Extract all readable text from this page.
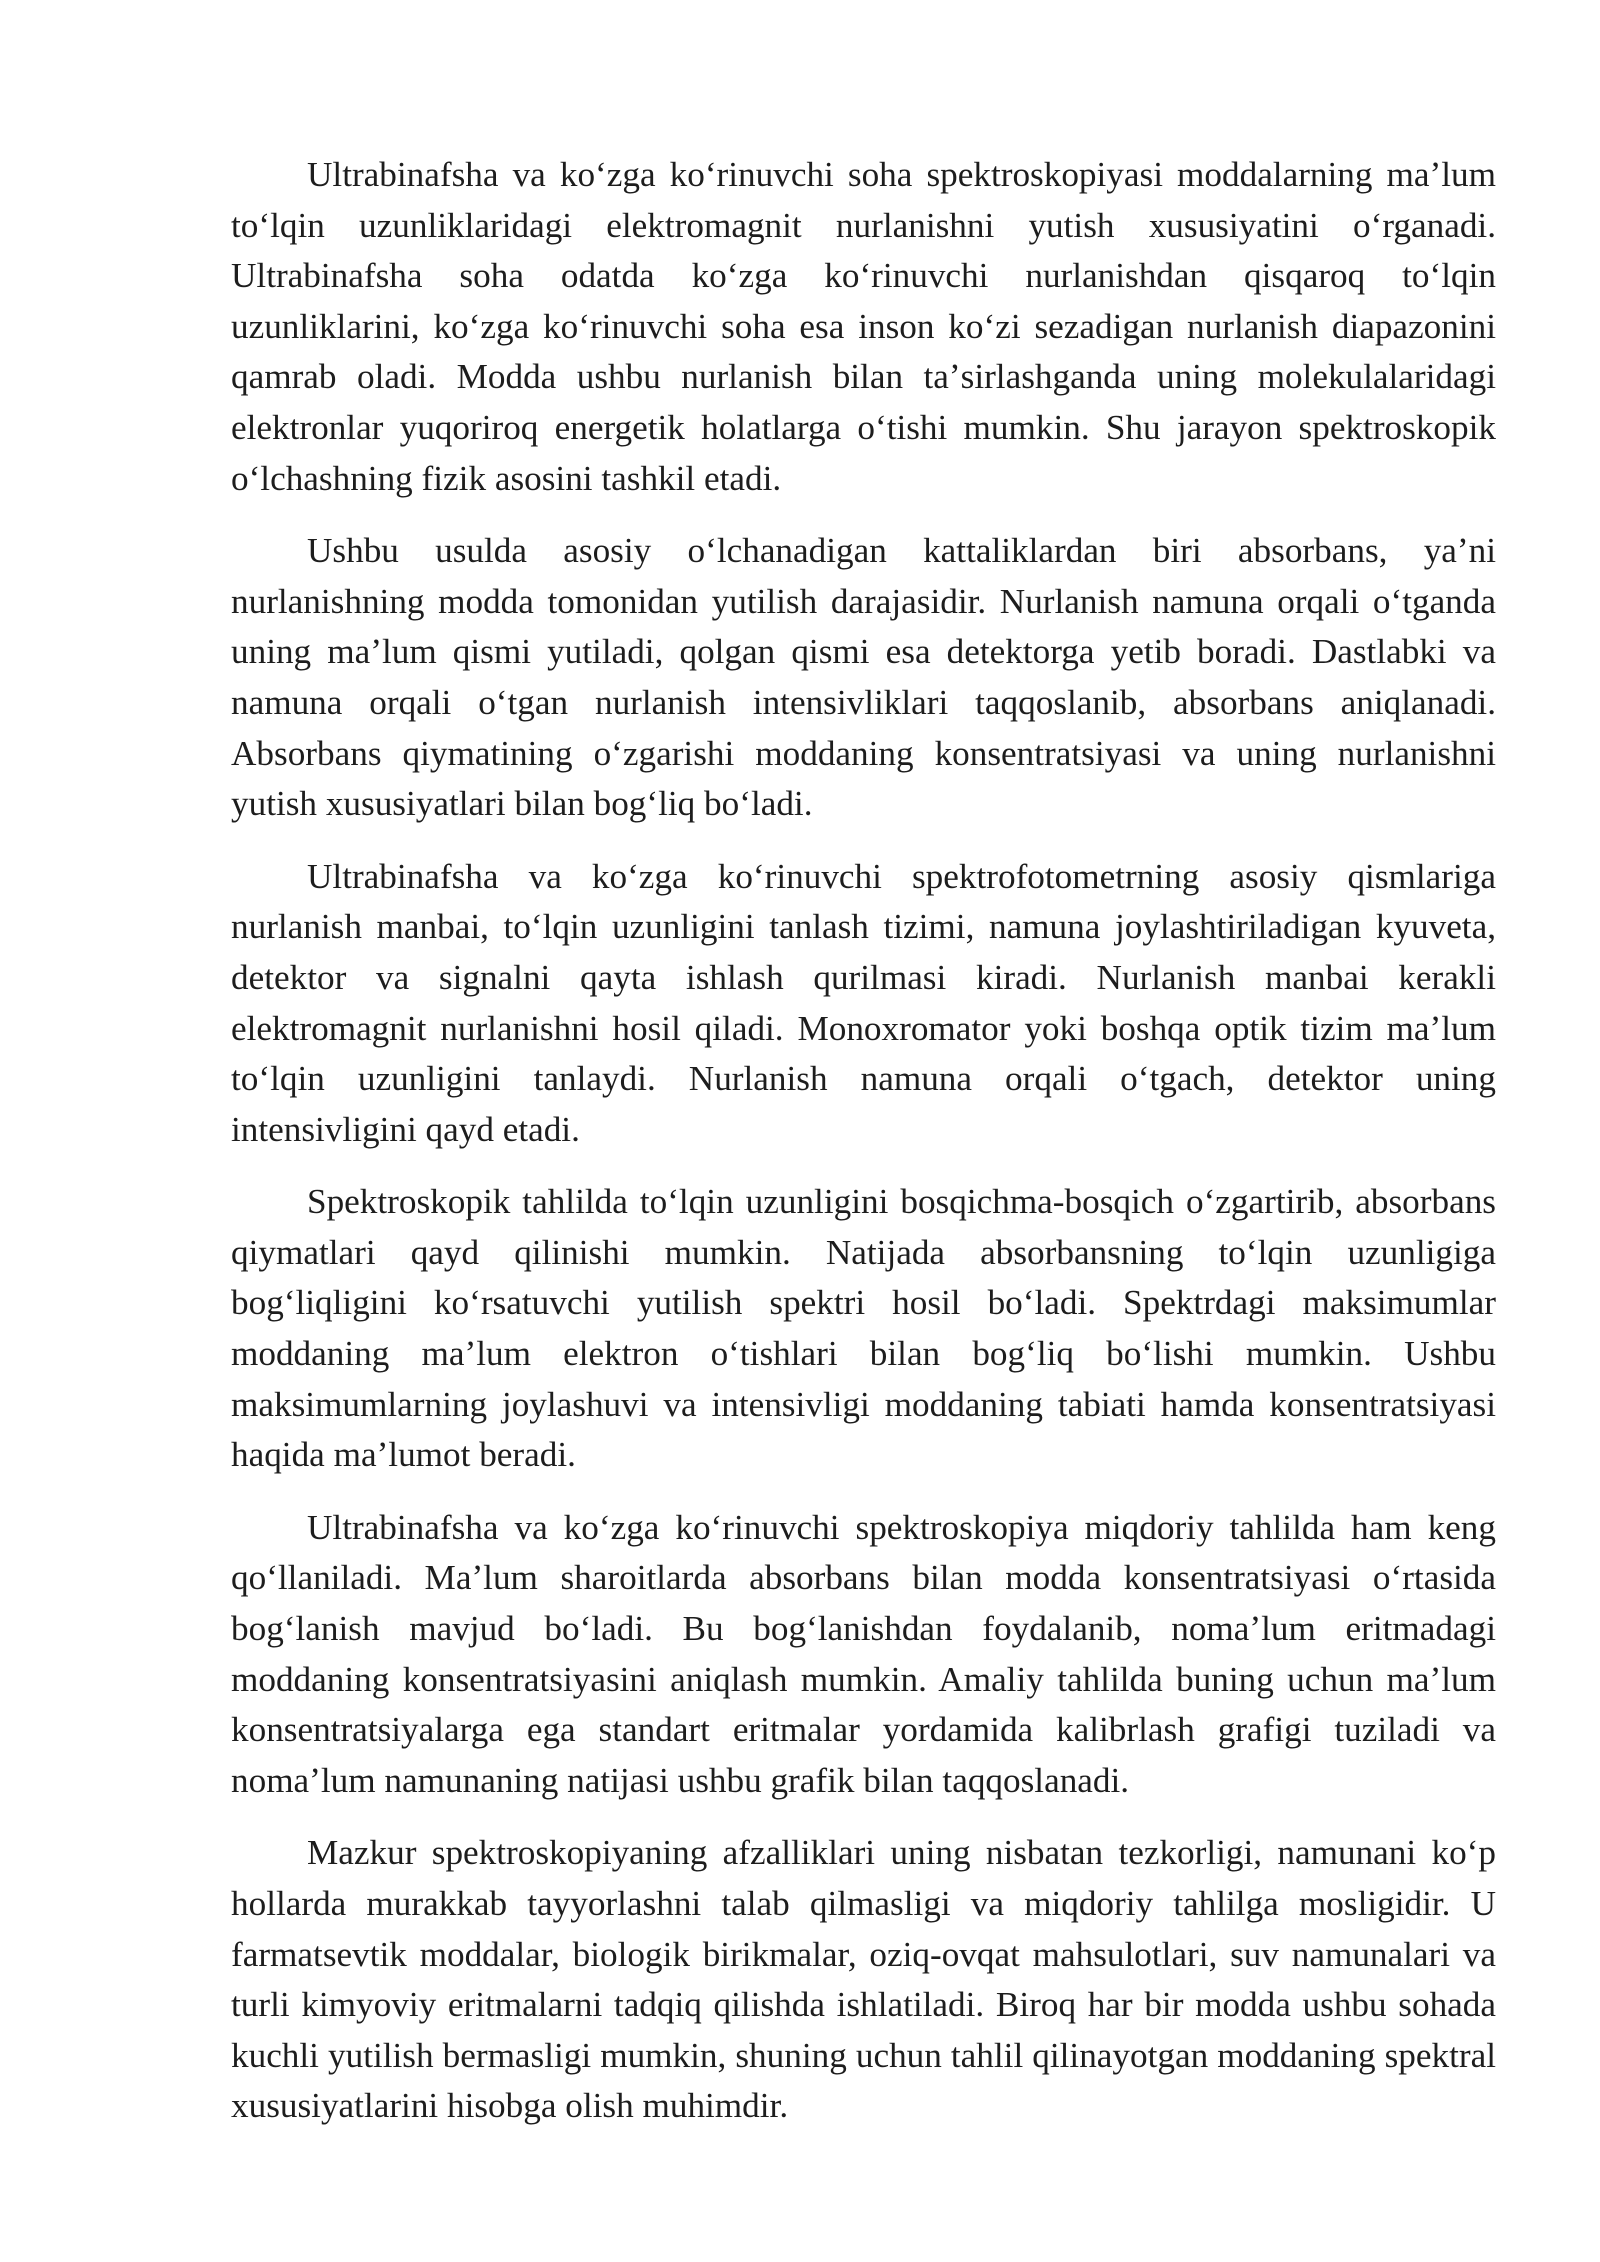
Ultrabinafsha va koʻzga koʻrinuvchi soha spektroskopiyasi moddalarning maʼlum toʻlqin uzunliklaridagi elektromagnit nurlanishni yutish xususiyatini oʻrganadi. Ultrabinafsha soha odatda koʻzga koʻrinuvchi nurlanishdan qisqaroq toʻlqin uzunliklarini, koʻzga koʻrinuvchi soha esa inson koʻzi sezadigan nurlanish diapazonini qamrab oladi. Modda ushbu nurlanish bilan taʼsirlashganda uning molekulalaridagi elektronlar yuqoriroq energetik holatlarga oʻtishi mumkin. Shu jarayon spektroskopik oʻlchashning fizik asosini tashkil etadi.

Ushbu usulda asosiy oʻlchanadigan kattaliklardan biri absorbans, yaʼni nurlanishning modda tomonidan yutilish darajasidir. Nurlanish namuna orqali oʻtganda uning maʼlum qismi yutiladi, qolgan qismi esa detektorga yetib boradi. Dastlabki va namuna orqali oʻtgan nurlanish intensivliklari taqqoslanib, absorbans aniqlanadi. Absorbans qiymatining oʻzgarishi moddaning konsentratsiyasi va uning nurlanishni yutish xususiyatlari bilan bogʻliq boʻladi.

Ultrabinafsha va koʻzga koʻrinuvchi spektrofotometrning asosiy qismlariga nurlanish manbai, toʻlqin uzunligini tanlash tizimi, namuna joylashtiriladigan kyuveta, detektor va signalni qayta ishlash qurilmasi kiradi. Nurlanish manbai kerakli elektromagnit nurlanishni hosil qiladi. Monoxromator yoki boshqa optik tizim maʼlum toʻlqin uzunligini tanlaydi. Nurlanish namuna orqali oʻtgach, detektor uning intensivligini qayd etadi.

Spektroskopik tahlilda toʻlqin uzunligini bosqichma-bosqich oʻzgartirib, absorbans qiymatlari qayd qilinishi mumkin. Natijada absorbansning toʻlqin uzunligiga bogʻliqligini koʻrsatuvchi yutilish spektri hosil boʻladi. Spektrdagi maksimumlar moddaning maʼlum elektron oʻtishlari bilan bogʻliq boʻlishi mumkin. Ushbu maksimumlarning joylashuvi va intensivligi moddaning tabiati hamda konsentratsiyasi haqida maʼlumot beradi.

Ultrabinafsha va koʻzga koʻrinuvchi spektroskopiya miqdoriy tahlilda ham keng qoʻllaniladi. Maʼlum sharoitlarda absorbans bilan modda konsentratsiyasi oʻrtasida bogʻlanish mavjud boʻladi. Bu bogʻlanishdan foydalanib, nomaʼlum eritmadagi moddaning konsentratsiyasini aniqlash mumkin. Amaliy tahlilda buning uchun maʼlum konsentratsiyalarga ega standart eritmalar yordamida kalibrlash grafigi tuziladi va nomaʼlum namunaning natijasi ushbu grafik bilan taqqoslanadi.

Mazkur spektroskopiyaning afzalliklari uning nisbatan tezkorligi, namunani koʻp hollarda murakkab tayyorlashni talab qilmasligi va miqdoriy tahlilga mosligidir. U farmatsevtik moddalar, biologik birikmalar, oziq-ovqat mahsulotlari, suv namunalari va turli kimyoviy eritmalarni tadqiq qilishda ishlatiladi. Biroq har bir modda ushbu sohada kuchli yutilish bermasligi mumkin, shuning uchun tahlil qilinayotgan moddaning spektral xususiyatlarini hisobga olish muhimdir.
